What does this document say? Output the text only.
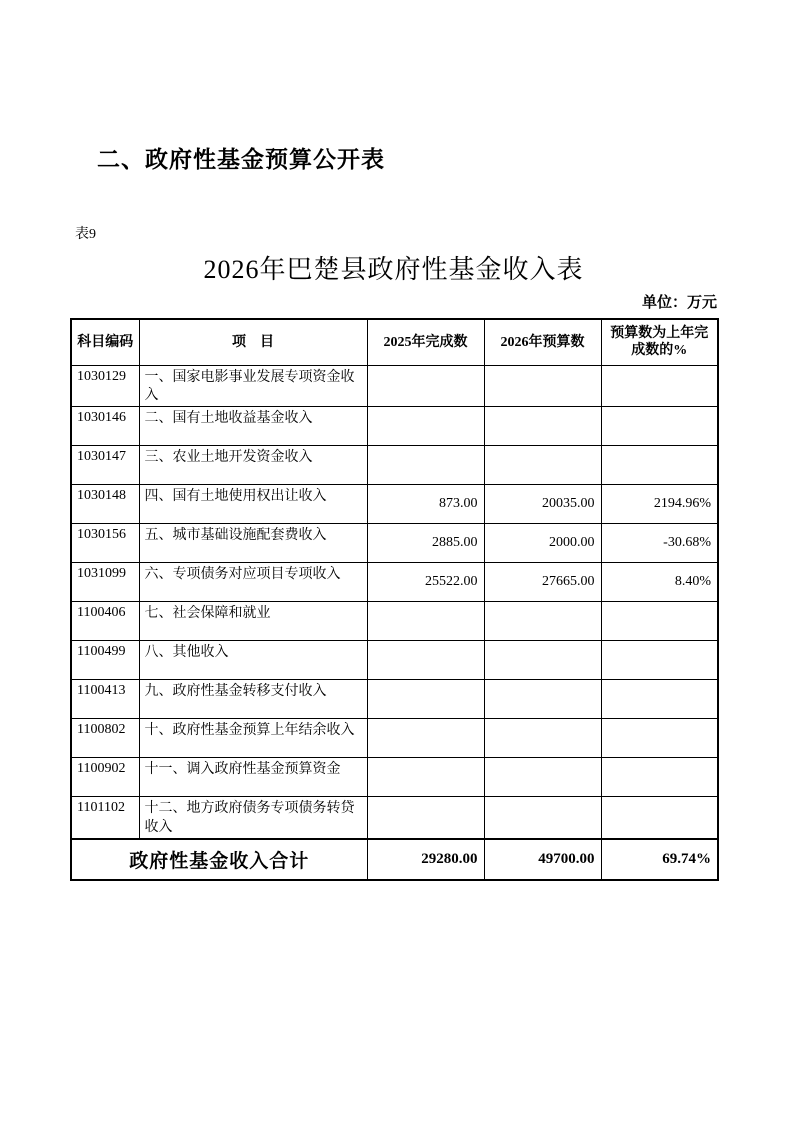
二、政府性基金预算公开表
表9
2026年巴楚县政府性基金收入表
单位：万元
科目编码	项　目	2025年完成数	2026年预算数	预算数为上年完成数的%
1030129	一、国家电影事业发展专项资金收入			
1030146	二、国有土地收益基金收入			
1030147	三、农业土地开发资金收入			
1030148	四、国有土地使用权出让收入	873.00	20035.00	2194.96%
1030156	五、城市基础设施配套费收入	2885.00	2000.00	-30.68%
1031099	六、专项债务对应项目专项收入	25522.00	27665.00	8.40%
1100406	七、社会保障和就业			
1100499	八、其他收入			
1100413	九、政府性基金转移支付收入			
1100802	十、政府性基金预算上年结余收入			
1100902	十一、调入政府性基金预算资金			
1101102	十二、地方政府债务专项债务转贷收入			
政府性基金收入合计		29280.00	49700.00	69.74%
